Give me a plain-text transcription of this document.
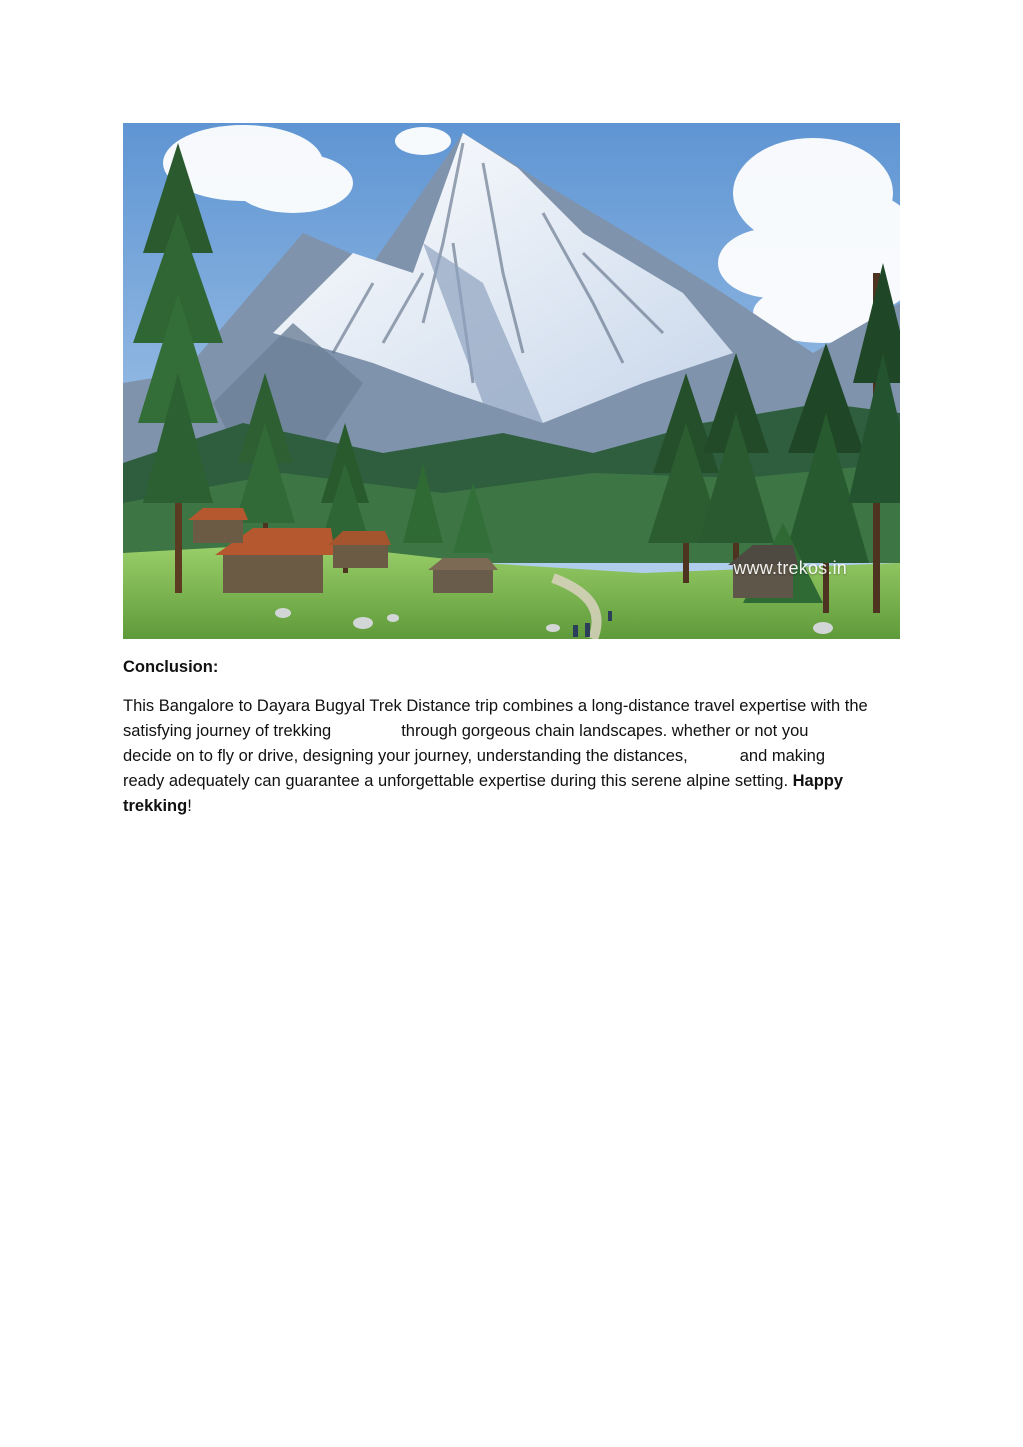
www.trekos.in

Conclusion:

This Bangalore to Dayara Bugyal Trek Distance trip combines a long-distance travel expertise with the
satisfying journey of trekking	through gorgeous chain landscapes. whether or not you
decide on to fly or drive, designing your journey, understanding the distances,	and making
ready adequately can guarantee a unforgettable expertise during this serene alpine setting. Happy
trekking!
